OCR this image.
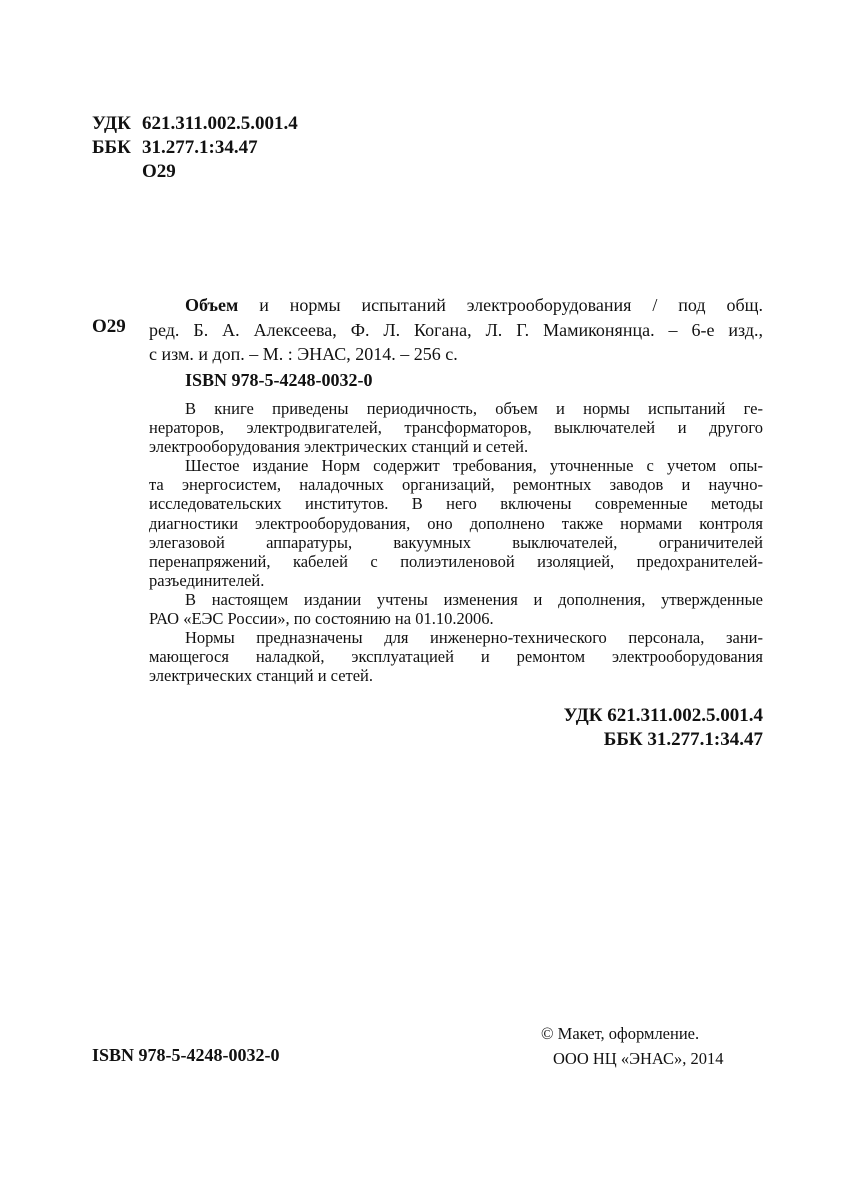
УДК 621.311.002.5.001.4
ББК 31.277.1:34.47
О29
О29
Объем и нормы испытаний электрооборудования / под общ.
ред. Б. А. Алексеева, Ф. Л. Когана, Л. Г. Мамиконянца. – 6-е изд.,
с изм. и доп. – М. : ЭНАС, 2014. – 256 с.
ISBN 978-5-4248-0032-0

В книге приведены периодичность, объем и нормы испытаний ге-
нераторов, электродвигателей, трансформаторов, выключателей и другого
электрооборудования электрических станций и сетей.

Шестое издание Норм содержит требования, уточненные с учетом опы-
та энергосистем, наладочных организаций, ремонтных заводов и научно-
исследовательских институтов. В него включены современные методы
диагностики электрооборудования, оно дополнено также нормами контроля
элегазовой аппаратуры, вакуумных выключателей, ограничителей
перенапряжений, кабелей с полиэтиленовой изоляцией, предохранителей-
разъединителей.

В настоящем издании учтены изменения и дополнения, утвержденные
РАО «ЕЭС России», по состоянию на 01.10.2006.

Нормы предназначены для инженерно-технического персонала, зани-
мающегося наладкой, эксплуатацией и ремонтом электрооборудования
электрических станций и сетей.

УДК 621.311.002.5.001.4
ББК 31.277.1:34.47
ISBN 978-5-4248-0032-0
© Макет, оформление.
ООО НЦ «ЭНАС», 2014
